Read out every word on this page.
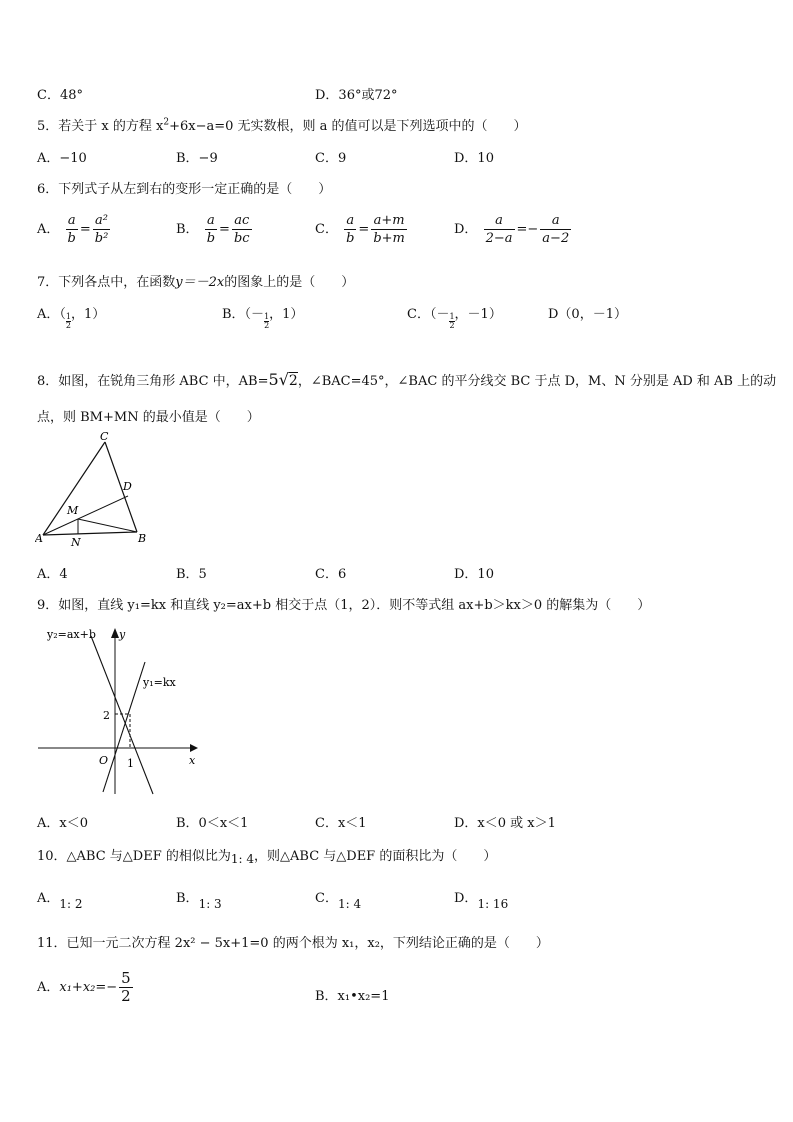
C．48°	D．36°或72°
5．若关于 x 的方程 $x^2+6x-a=0$ 无实数根，则 a 的值可以是下列选项中的（　　）
A．−10	B．−9	C．9	D．10
6．下列式子从左到右的变形一定正确的是（　　）
A． $\frac{a}{b} = \frac{\text{a²}}{\text{b²}}$	B． $\frac{a}{b} = \frac{ac}{bc}$	C． $\frac{a}{b} = \frac{a+m}{b+m}$	D． $\frac{a}{2-a} =- \frac{a}{a-2}$
7．下列各点中，在函数y＝－2x的图象上的是（　　）
A．（$\frac{1}{2}$ ，1）	B．（$-\frac{1}{2}$ ，1）	C．（$-\frac{1}{2}$ ，－1）	D（0，－1）
8．如图，在锐角三角形 ABC 中，AB=5√2，∠BAC=45°，∠BAC 的平分线交 BC 于点 D，M、N 分别是 AD 和 AB 上的动
点，则 BM+MN 的最小值是（　　）
A	B
C
D
M
N
A．4	B．5	C．6	D．10
9．如图，直线 y₁=kx 和直线 y₂=ax+b 相交于点（1，2）．则不等式组 ax+b＞kx＞0 的解集为（　　）
y₂=ax+b
y₁=kx
y
x
O
2
1
A．x＜0	B．0＜x＜1	C．x＜1	D．x＜0 或 x＞1
10．△ABC 与△DEF 的相似比为1: 4，则△ABC 与△DEF 的面积比为（　　）
A．1: 2	B．1: 3	C．1: 4	D．1: 16
11．已知一元二次方程 2x² − 5x+1=0 的两个根为 x₁，x₂，下列结论正确的是（　　）
A．$x_1+x_2=- \frac{5}{2}$	B．x₁•x₂=1
